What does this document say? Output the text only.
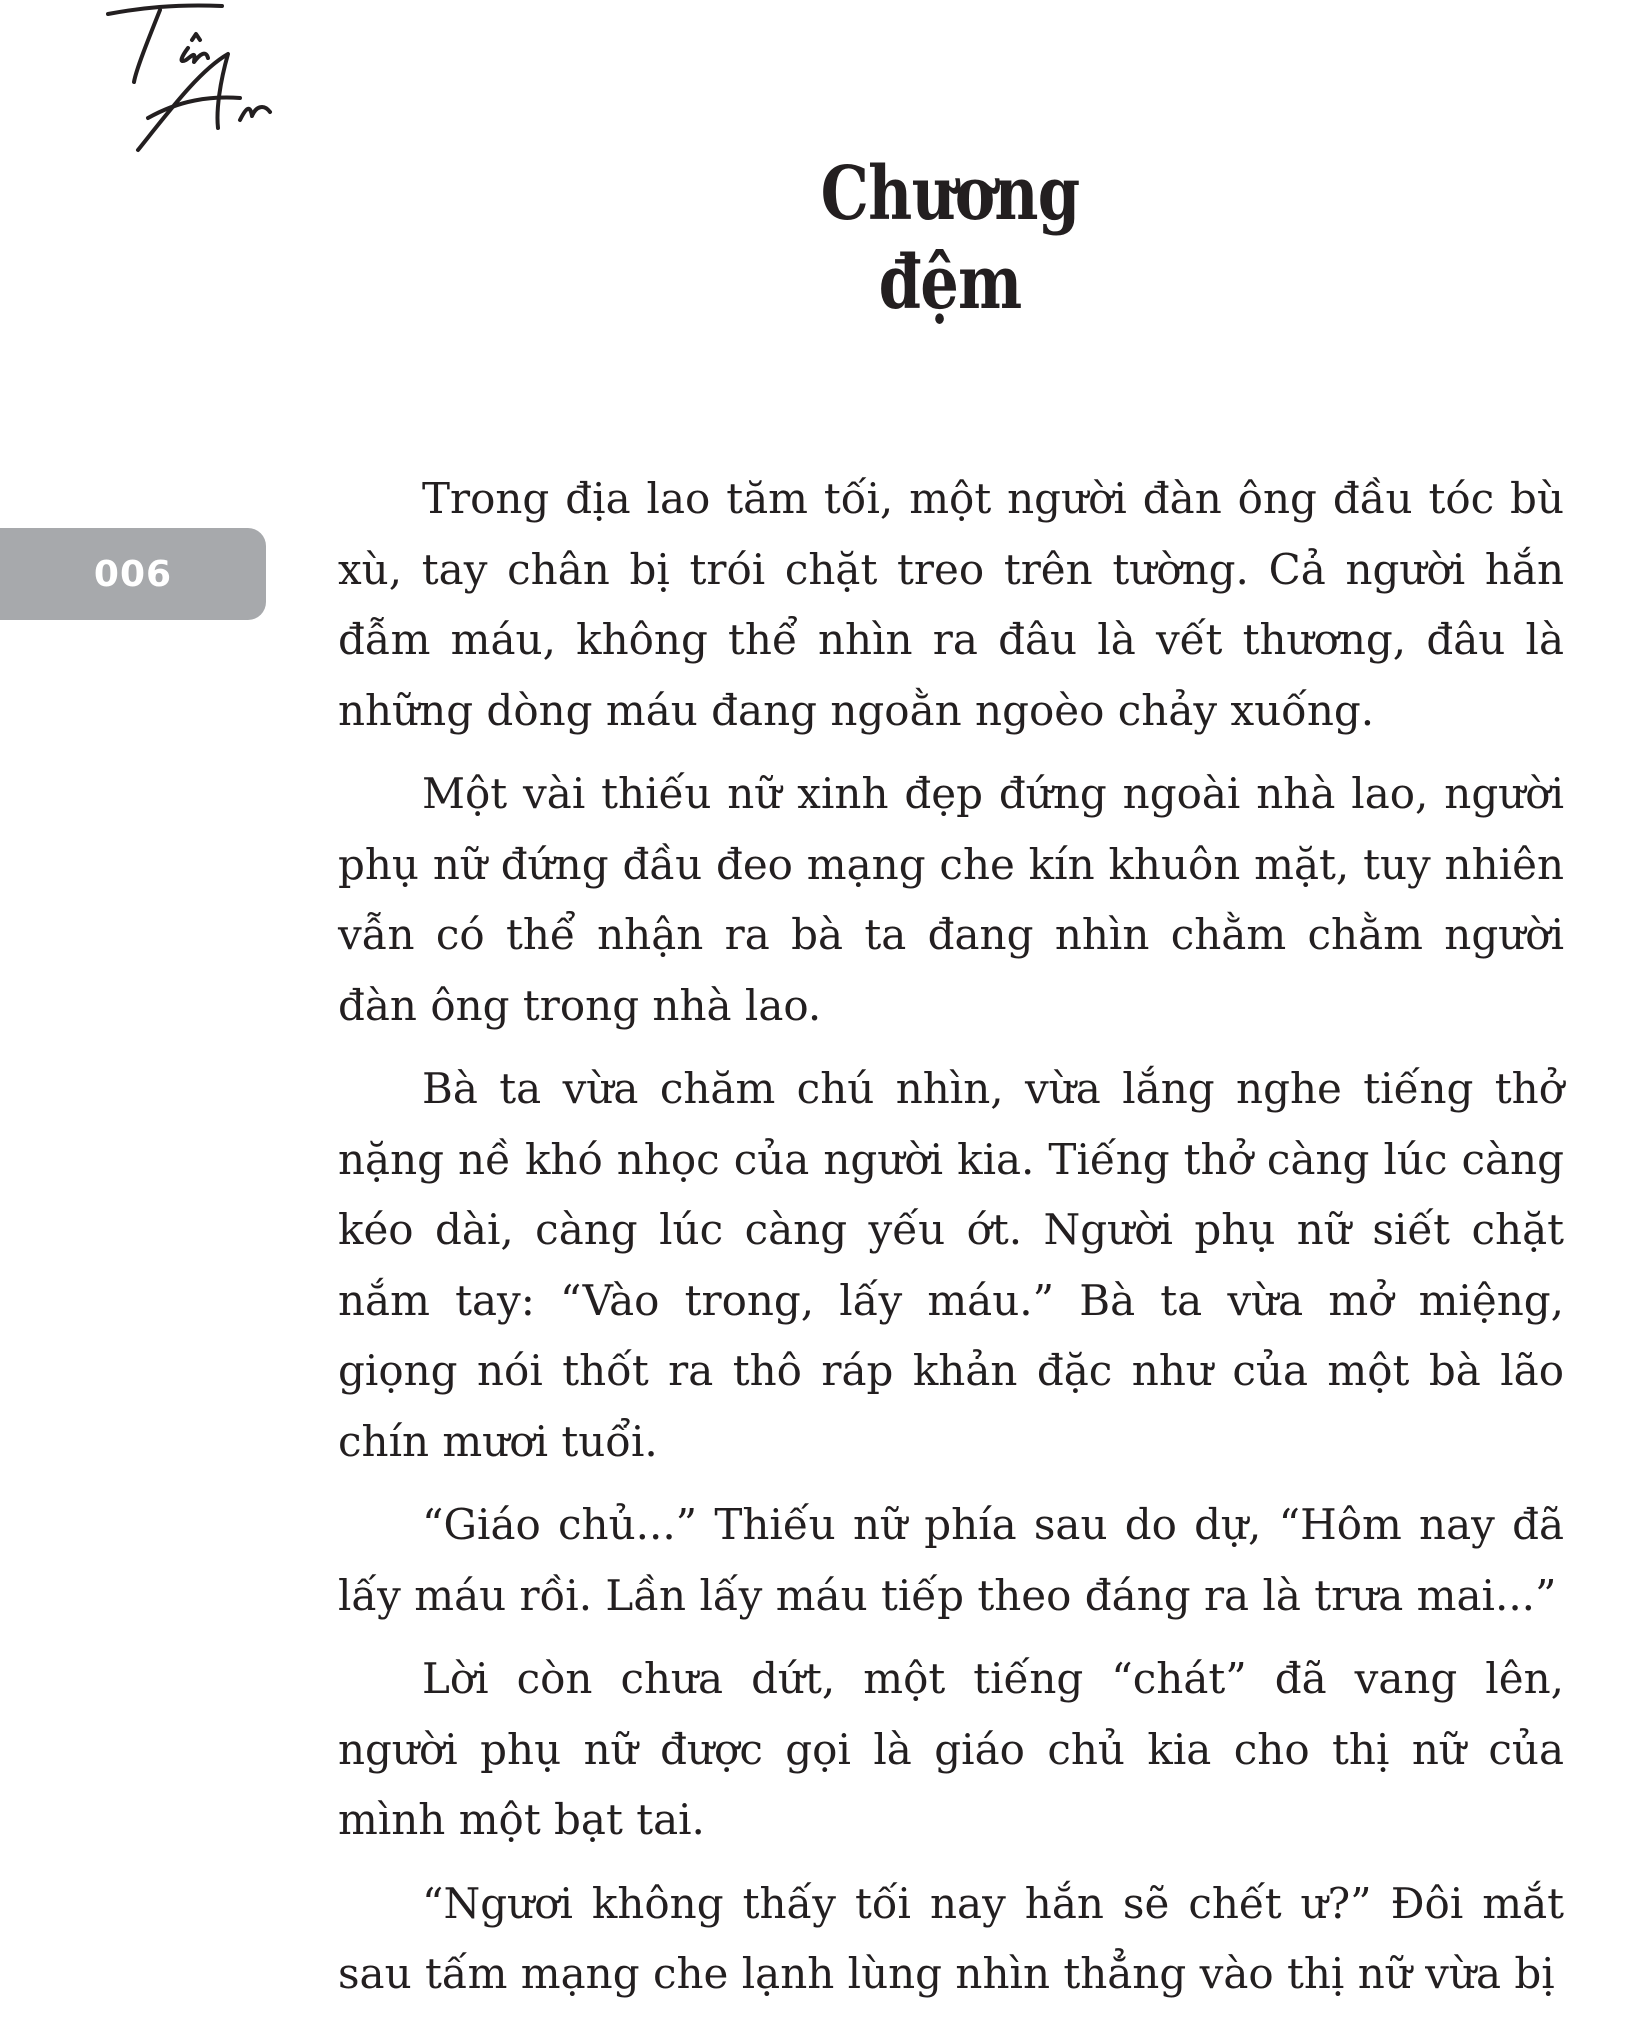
Chương đệm
006

Trong địa lao tăm tối, một người đàn ông đầu tóc bù xù, tay chân bị trói chặt treo trên tường. Cả người hắn đẫm máu, không thể nhìn ra đâu là vết thương, đâu là những dòng máu đang ngoằn ngoèo chảy xuống.

Một vài thiếu nữ xinh đẹp đứng ngoài nhà lao, người phụ nữ đứng đầu đeo mạng che kín khuôn mặt, tuy nhiên vẫn có thể nhận ra bà ta đang nhìn chằm chằm người đàn ông trong nhà lao.

Bà ta vừa chăm chú nhìn, vừa lắng nghe tiếng thở nặng nề khó nhọc của người kia. Tiếng thở càng lúc càng kéo dài, càng lúc càng yếu ớt. Người phụ nữ siết chặt nắm tay: “Vào trong, lấy máu.” Bà ta vừa mở miệng, giọng nói thốt ra thô ráp khản đặc như của một bà lão chín mươi tuổi.

“Giáo chủ...” Thiếu nữ phía sau do dự, “Hôm nay đã lấy máu rồi. Lần lấy máu tiếp theo đáng ra là trưa mai...”

Lời còn chưa dứt, một tiếng “chát” đã vang lên, người phụ nữ được gọi là giáo chủ kia cho thị nữ của mình một bạt tai.

“Ngươi không thấy tối nay hắn sẽ chết ư?” Đôi mắt sau tấm mạng che lạnh lùng nhìn thẳng vào thị nữ vừa bị
